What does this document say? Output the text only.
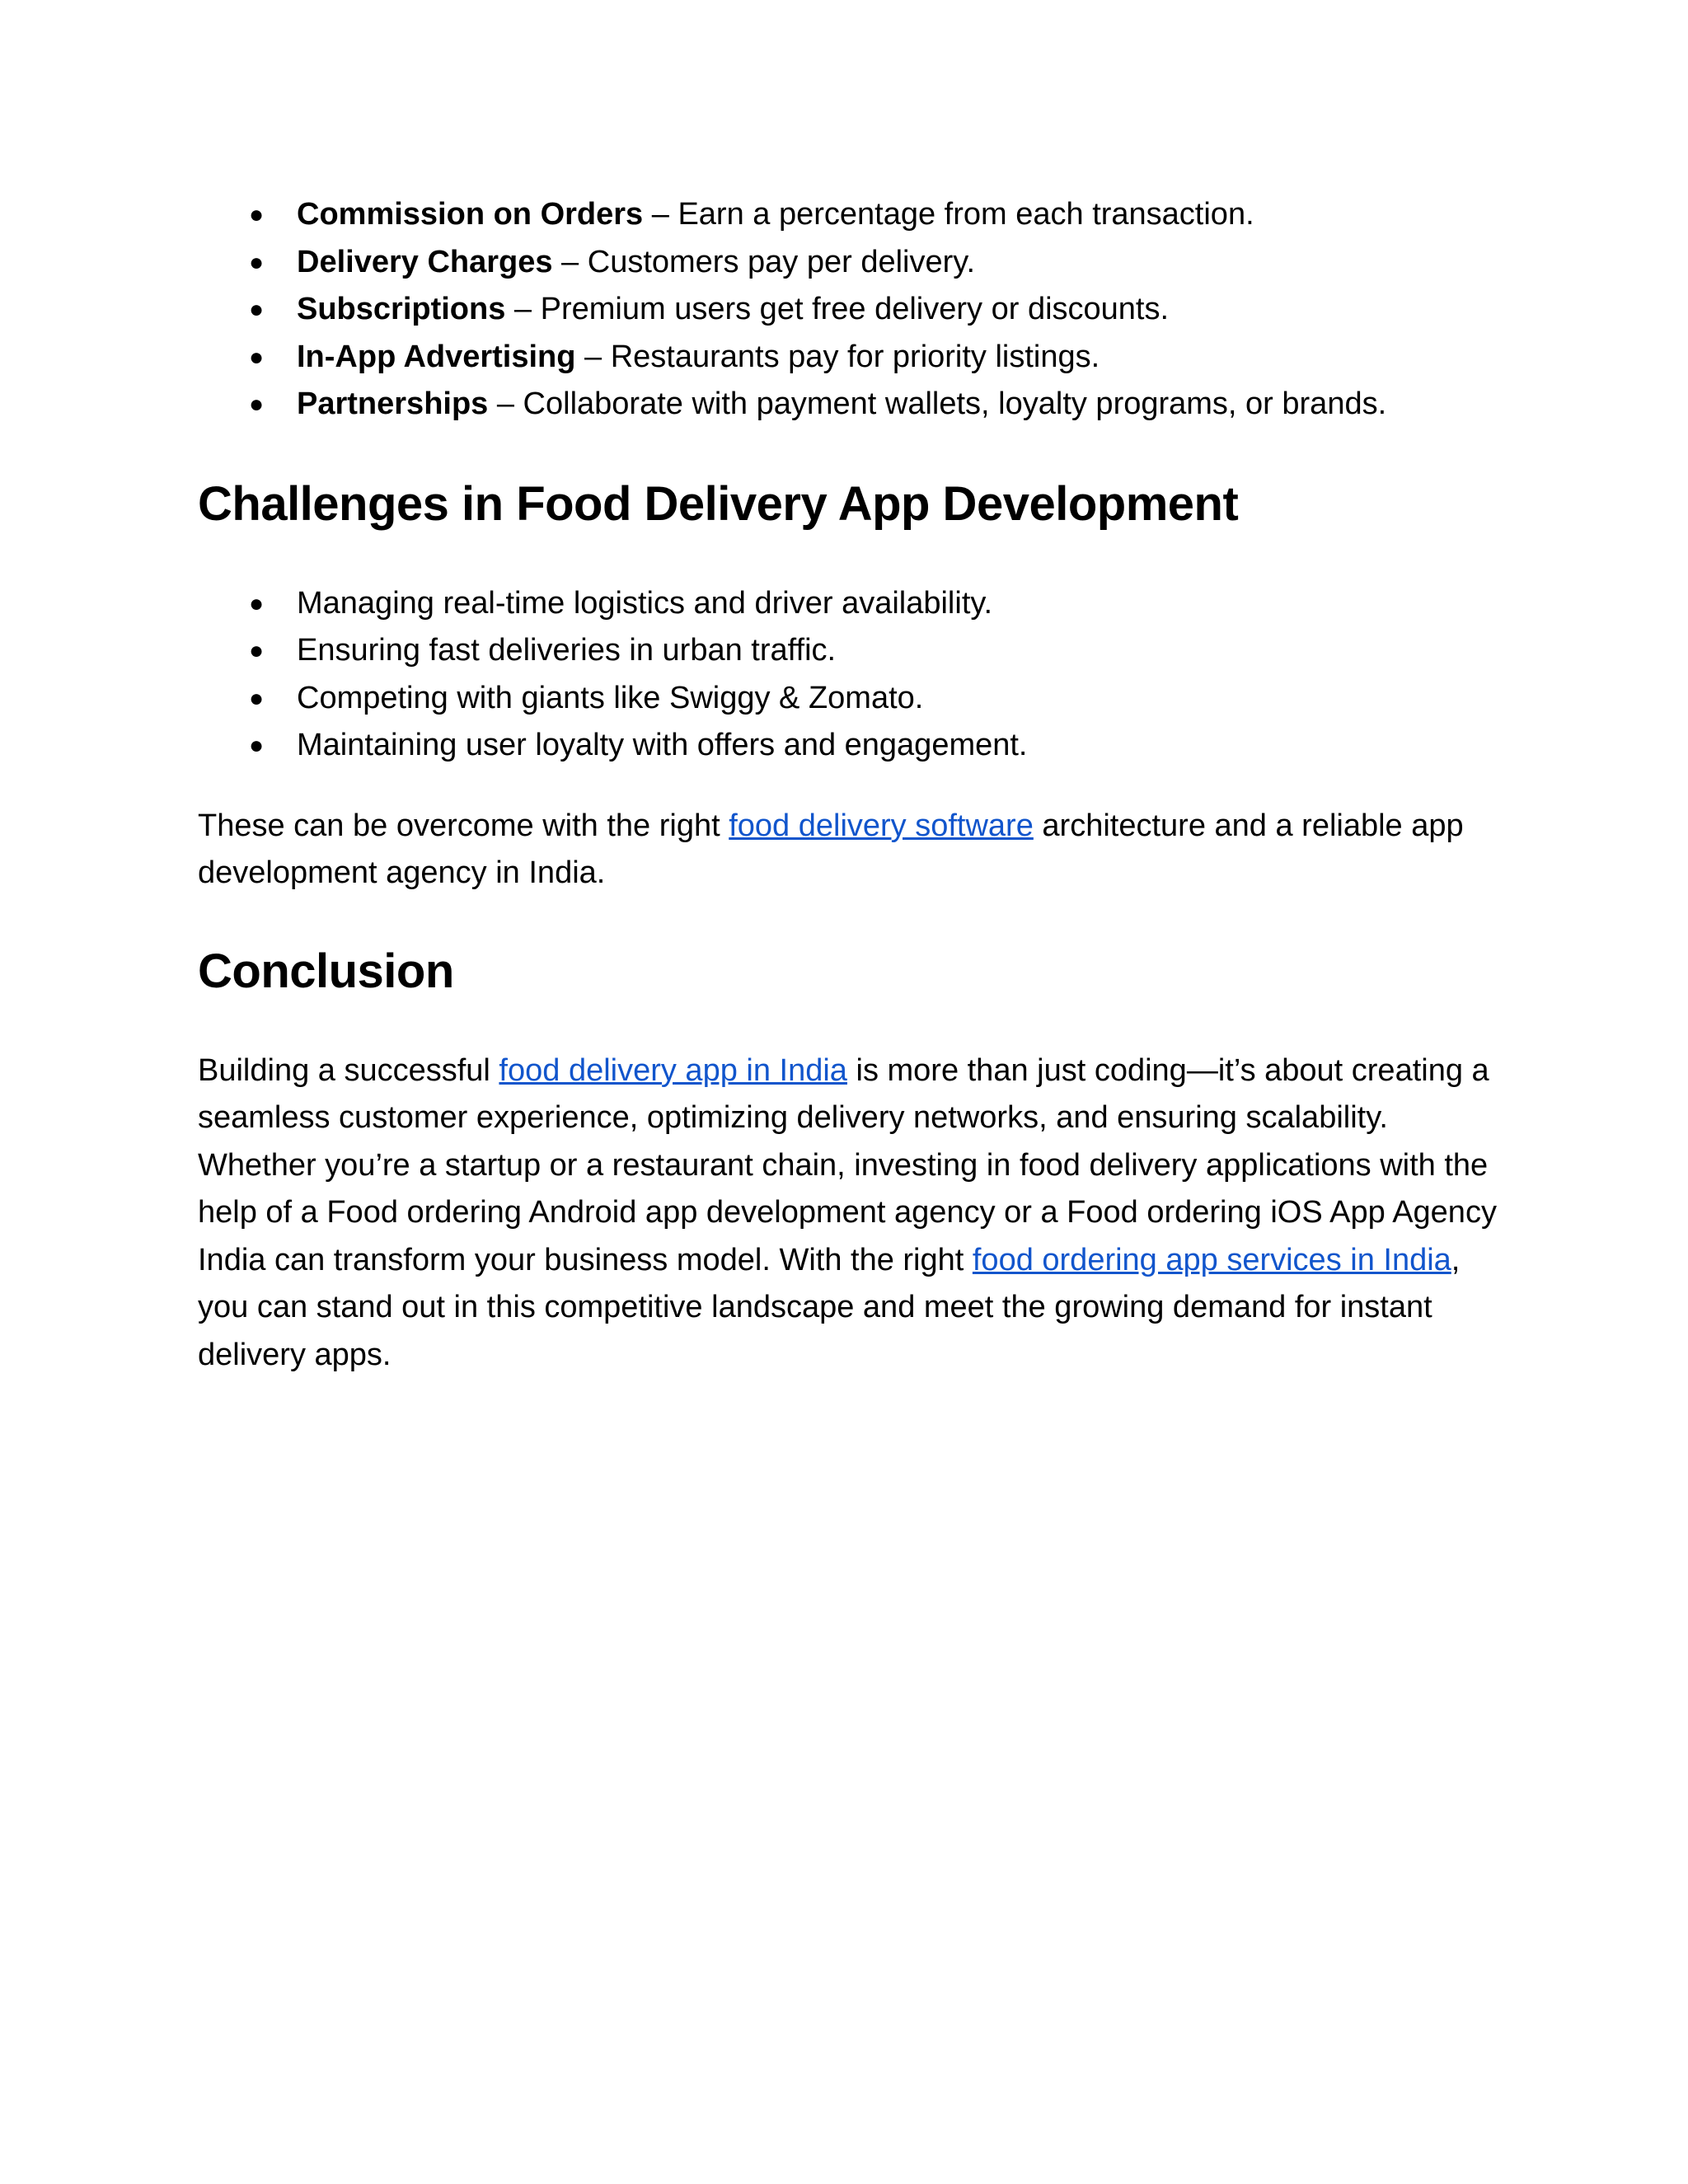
● Commission on Orders – Earn a percentage from each transaction.
● Delivery Charges – Customers pay per delivery.
● Subscriptions – Premium users get free delivery or discounts.
● In-App Advertising – Restaurants pay for priority listings.
● Partnerships – Collaborate with payment wallets, loyalty programs, or brands.
Challenges in Food Delivery App Development
● Managing real-time logistics and driver availability.
● Ensuring fast deliveries in urban traffic.
● Competing with giants like Swiggy & Zomato.
● Maintaining user loyalty with offers and engagement.

These can be overcome with the right food delivery software architecture and a reliable app development agency in India.

Conclusion

Building a successful food delivery app in India is more than just coding—it’s about creating a seamless customer experience, optimizing delivery networks, and ensuring scalability. Whether you’re a startup or a restaurant chain, investing in food delivery applications with the help of a Food ordering Android app development agency or a Food ordering iOS App Agency India can transform your business model. With the right food ordering app services in India, you can stand out in this competitive landscape and meet the growing demand for instant delivery apps.
